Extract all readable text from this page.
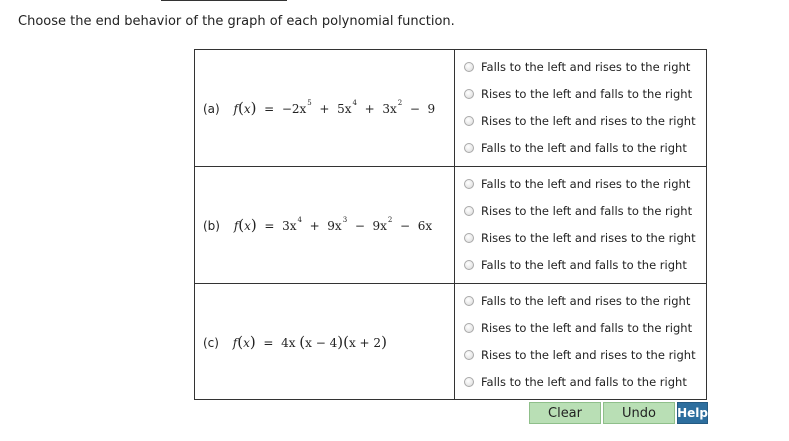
Choose the end behavior of the graph of each polynomial function.
(a) $f(x) = -2x^5 + 5x^4 + 3x^2 - 9$
Falls to the left and rises to the right
Rises to the left and falls to the right
Rises to the left and rises to the right
Falls to the left and falls to the right
(b) $f(x) = 3x^4 + 9x^3 - 9x^2 - 6x$
Falls to the left and rises to the right
Rises to the left and falls to the right
Rises to the left and rises to the right
Falls to the left and falls to the right
(c) f(x)  =  4x (x − 4)(x + 2)
Falls to the left and rises to the right
Rises to the left and falls to the right
Rises to the left and rises to the right
Falls to the left and falls to the right
Clear	Undo	Help
